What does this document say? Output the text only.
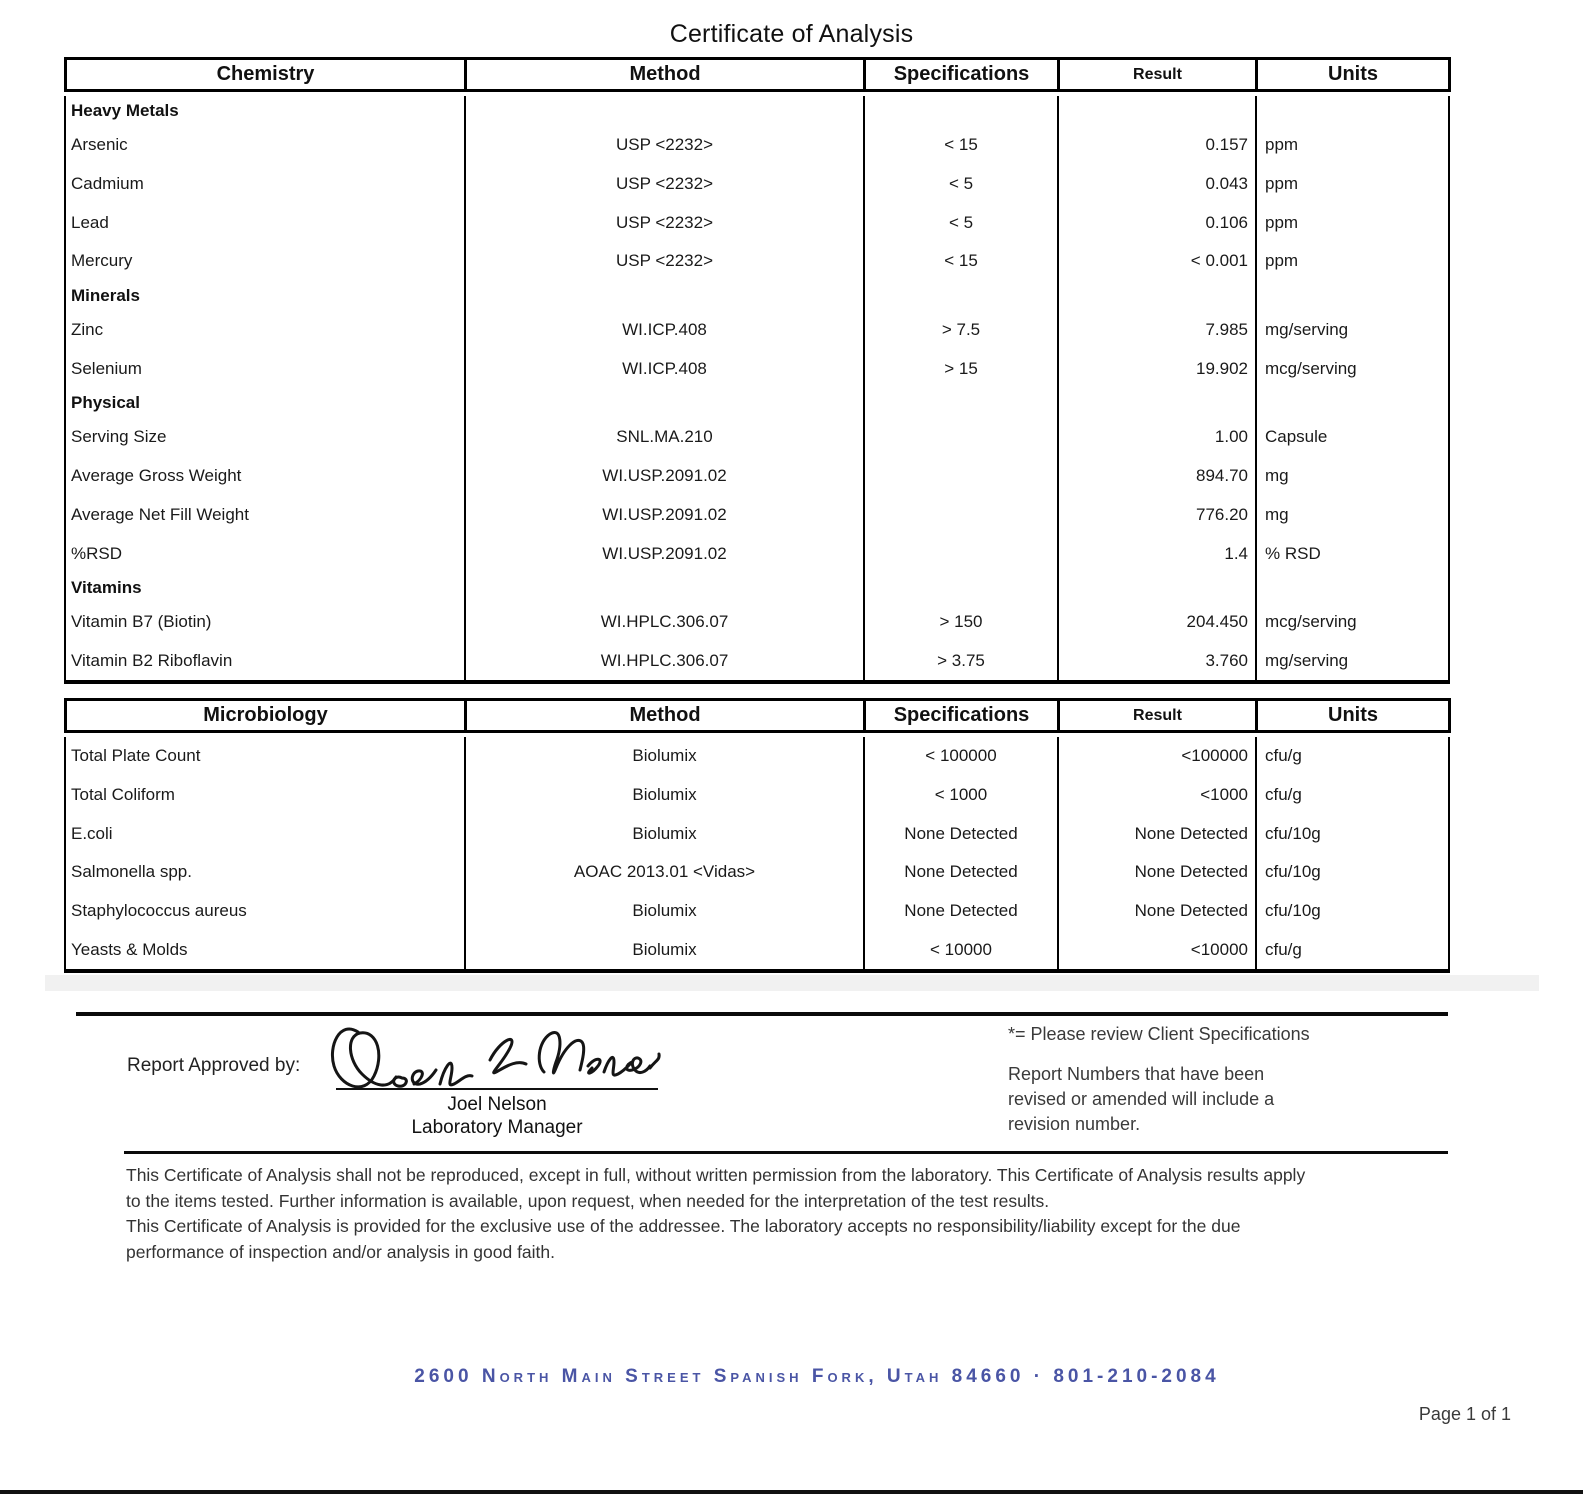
Certificate of Analysis
Chemistry	Method	Specifications	Result	Units
Heavy Metals				
Arsenic	USP <2232>	< 15	0.157	ppm
Cadmium	USP <2232>	< 5	0.043	ppm
Lead	USP <2232>	< 5	0.106	ppm
Mercury	USP <2232>	< 15	< 0.001	ppm
Minerals				
Zinc	WI.ICP.408	> 7.5	7.985	mg/serving
Selenium	WI.ICP.408	> 15	19.902	mcg/serving
Physical				
Serving Size	SNL.MA.210		1.00	Capsule
Average Gross Weight	WI.USP.2091.02		894.70	mg
Average Net Fill Weight	WI.USP.2091.02		776.20	mg
%RSD	WI.USP.2091.02		1.4	% RSD
Vitamins				
Vitamin B7 (Biotin)	WI.HPLC.306.07	> 150	204.450	mcg/serving
Vitamin B2 Riboflavin	WI.HPLC.306.07	> 3.75	3.760	mg/serving
Microbiology	Method	Specifications	Result	Units
Total Plate Count	Biolumix	< 100000	<100000	cfu/g
Total Coliform	Biolumix	< 1000	<1000	cfu/g
E.coli	Biolumix	None Detected	None Detected	cfu/10g
Salmonella spp.	AOAC 2013.01 <Vidas>	None Detected	None Detected	cfu/10g
Staphylococcus aureus	Biolumix	None Detected	None Detected	cfu/10g
Yeasts & Molds	Biolumix	< 10000	<10000	cfu/g
Report Approved by:
Joel Nelson
Laboratory Manager
*= Please review Client Specifications
Report Numbers that have been
revised or amended will include a
revision number.
This Certificate of Analysis shall not be reproduced, except in full, without written permission from the laboratory. This Certificate of Analysis results apply
to the items tested. Further information is available, upon request, when needed for the interpretation of the test results.
This Certificate of Analysis is provided for the exclusive use of the addressee. The laboratory accepts no responsibility/liability except for the due
performance of inspection and/or analysis in good faith.
2600 North Main Street Spanish Fork, Utah 84660 · 801-210-2084
Page 1 of 1
